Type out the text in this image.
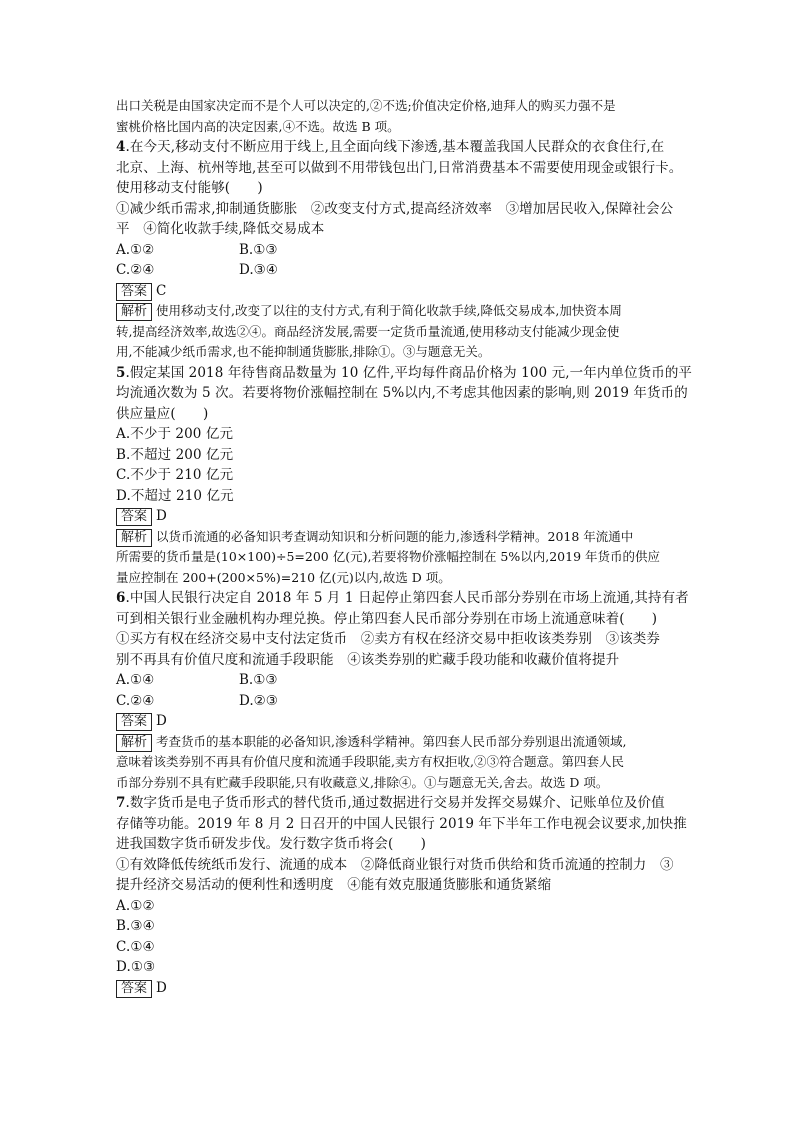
出口关税是由国家决定而不是个人可以决定的,②不选;价值决定价格,迪拜人的购买力强不是
蜜桃价格比国内高的决定因素,④不选。故选 B 项。
4.在今天,移动支付不断应用于线上,且全面向线下渗透,基本覆盖我国人民群众的衣食住行,在
北京、上海、杭州等地,甚至可以做到不用带钱包出门,日常消费基本不需要使用现金或银行卡。
使用移动支付能够(　　)
①减少纸币需求,抑制通货膨胀　②改变支付方式,提高经济效率　③增加居民收入,保障社会公
平　④简化收款手续,降低交易成本
A.①②	B.①③
C.②④	D.③④
答案 C
解析 使用移动支付,改变了以往的支付方式,有利于简化收款手续,降低交易成本,加快资本周
转,提高经济效率,故选②④。商品经济发展,需要一定货币量流通,使用移动支付能减少现金使
用,不能减少纸币需求,也不能抑制通货膨胀,排除①。③与题意无关。
5.假定某国 2018 年待售商品数量为 10 亿件,平均每件商品价格为 100 元,一年内单位货币的平
均流通次数为 5 次。若要将物价涨幅控制在 5%以内,不考虑其他因素的影响,则 2019 年货币的
供应量应(　　)
A.不少于 200 亿元
B.不超过 200 亿元
C.不少于 210 亿元
D.不超过 210 亿元
答案 D
解析 以货币流通的必备知识考查调动知识和分析问题的能力,渗透科学精神。2018 年流通中
所需要的货币量是(10×100)÷5=200 亿(元),若要将物价涨幅控制在 5%以内,2019 年货币的供应
量应控制在 200+(200×5%)=210 亿(元)以内,故选 D 项。
6.中国人民银行决定自 2018 年 5 月 1 日起停止第四套人民币部分券别在市场上流通,其持有者
可到相关银行业金融机构办理兑换。停止第四套人民币部分券别在市场上流通意味着(　　)
①买方有权在经济交易中支付法定货币　②卖方有权在经济交易中拒收该类券别　③该类券
别不再具有价值尺度和流通手段职能　④该类券别的贮藏手段功能和收藏价值将提升
A.①④	B.①③
C.②④	D.②③
答案 D
解析 考查货币的基本职能的必备知识,渗透科学精神。第四套人民币部分券别退出流通领域,
意味着该类券别不再具有价值尺度和流通手段职能,卖方有权拒收,②③符合题意。第四套人民
币部分券别不具有贮藏手段职能,只有收藏意义,排除④。①与题意无关,舍去。故选 D 项。
7.数字货币是电子货币形式的替代货币,通过数据进行交易并发挥交易媒介、记账单位及价值
存储等功能。2019 年 8 月 2 日召开的中国人民银行 2019 年下半年工作电视会议要求,加快推
进我国数字货币研发步伐。发行数字货币将会(　　)
①有效降低传统纸币发行、流通的成本　②降低商业银行对货币供给和货币流通的控制力　③
提升经济交易活动的便利性和透明度　④能有效克服通货膨胀和通货紧缩
A.①②
B.③④
C.①④
D.①③
答案 D
